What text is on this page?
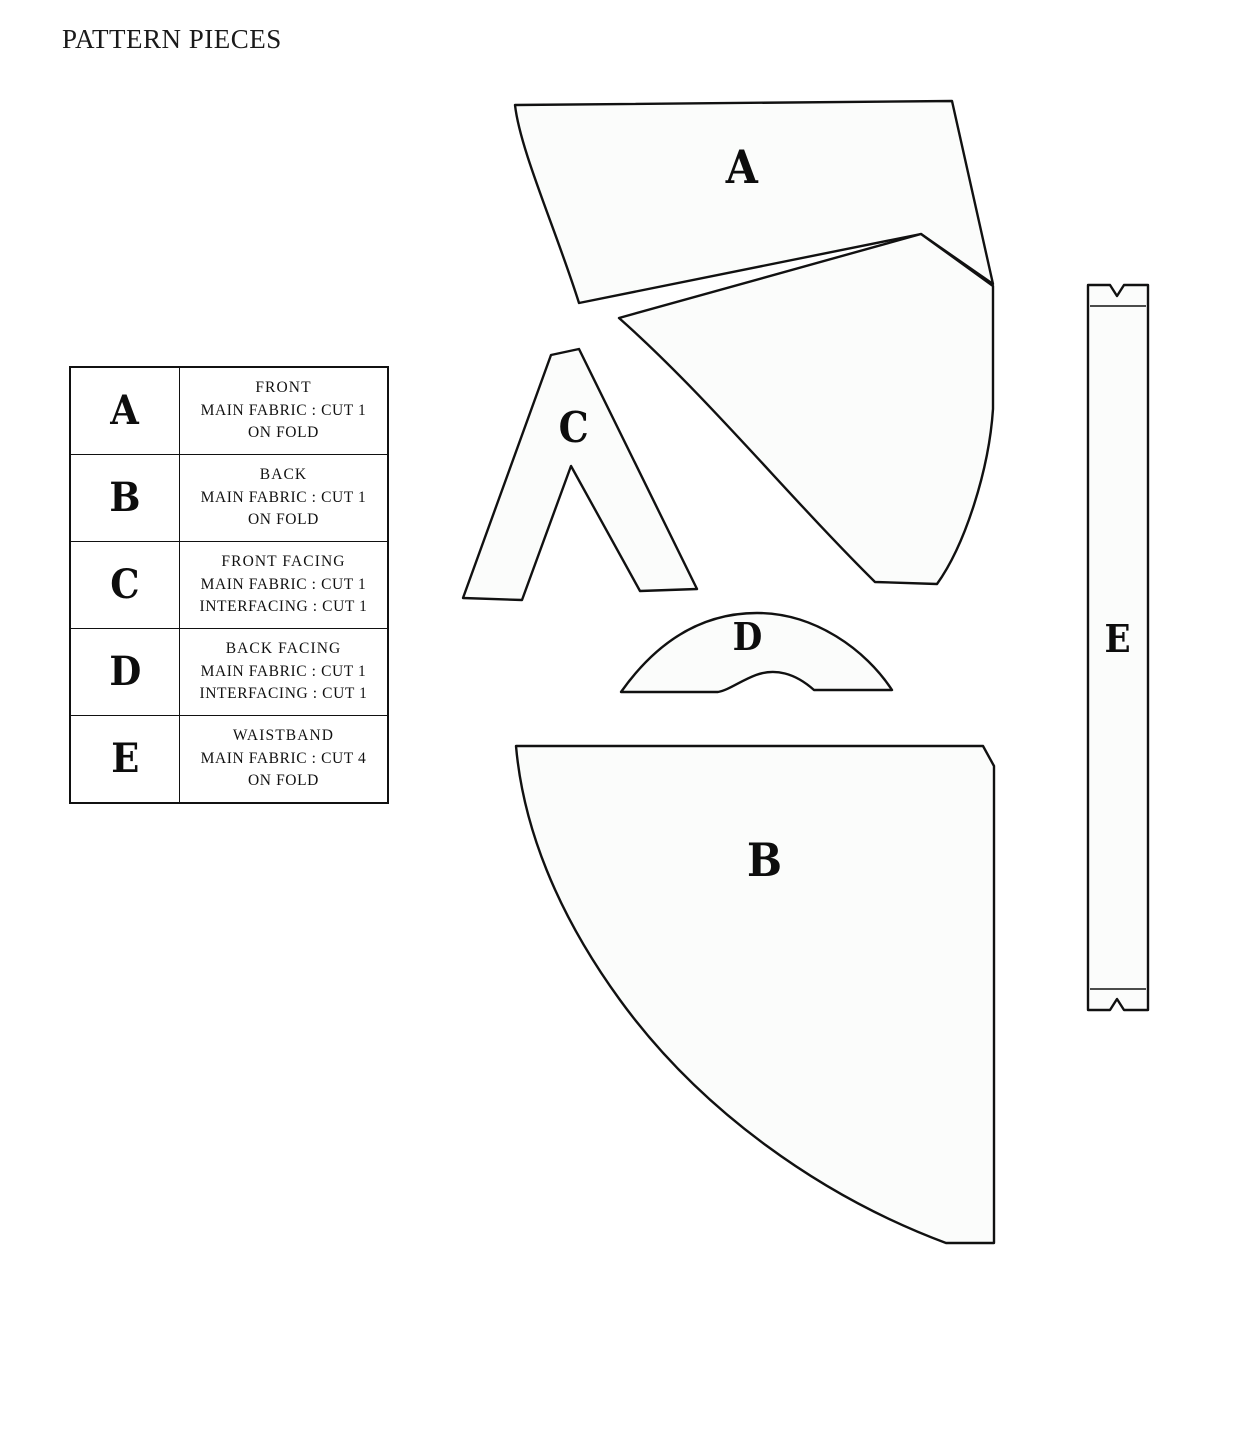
PATTERN PIECES
A	FRONT
MAIN FABRIC : CUT 1
ON FOLD

B	BACK
MAIN FABRIC : CUT 1
ON FOLD

C	FRONT FACING
MAIN FABRIC : CUT 1
INTERFACING : CUT 1

D	BACK FACING
MAIN FABRIC : CUT 1
INTERFACING : CUT 1

E	WAISTBAND
MAIN FABRIC : CUT 4
ON FOLD
A
B
C
D	E
